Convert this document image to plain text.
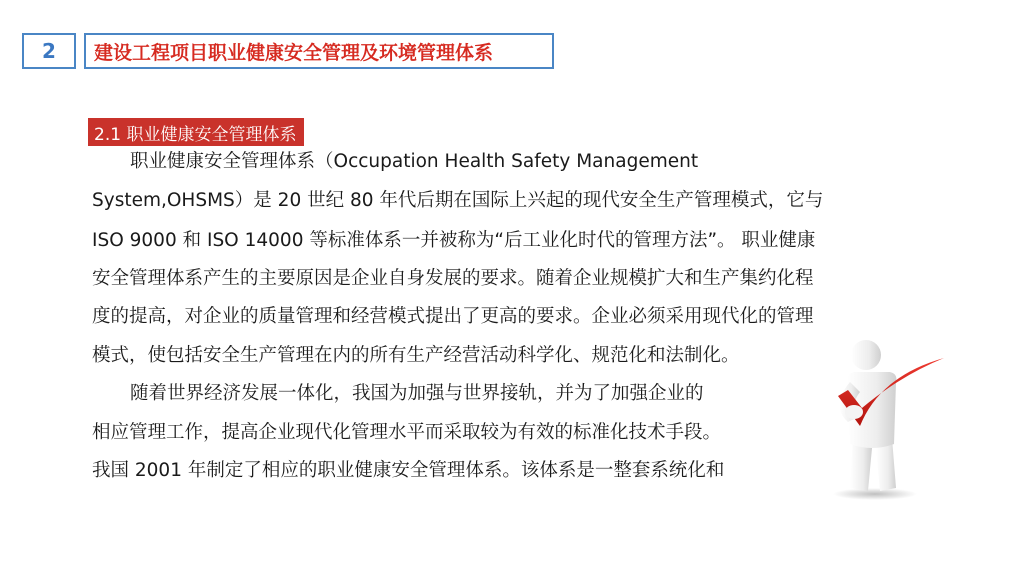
2 建设工程项目职业健康安全管理及环境管理体系
2.1 职业健康安全管理体系
职业健康安全管理体系（Occupation Health Safety Management
System,OHSMS）是 20 世纪 80 年代后期在国际上兴起的现代安全生产管理模式，它与
ISO 9000 和 ISO 14000 等标准体系一并被称为“后工业化时代的管理方法”。 职业健康
安全管理体系产生的主要原因是企业自身发展的要求。随着企业规模扩大和生产集约化程
度的提高，对企业的质量管理和经营模式提出了更高的要求。企业必须采用现代化的管理
模式，使包括安全生产管理在内的所有生产经营活动科学化、规范化和法制化。
随着世界经济发展一体化，我国为加强与世界接轨，并为了加强企业的
相应管理工作，提高企业现代化管理水平而采取较为有效的标准化技术手段。
我国 2001 年制定了相应的职业健康安全管理体系。该体系是一整套系统化和
